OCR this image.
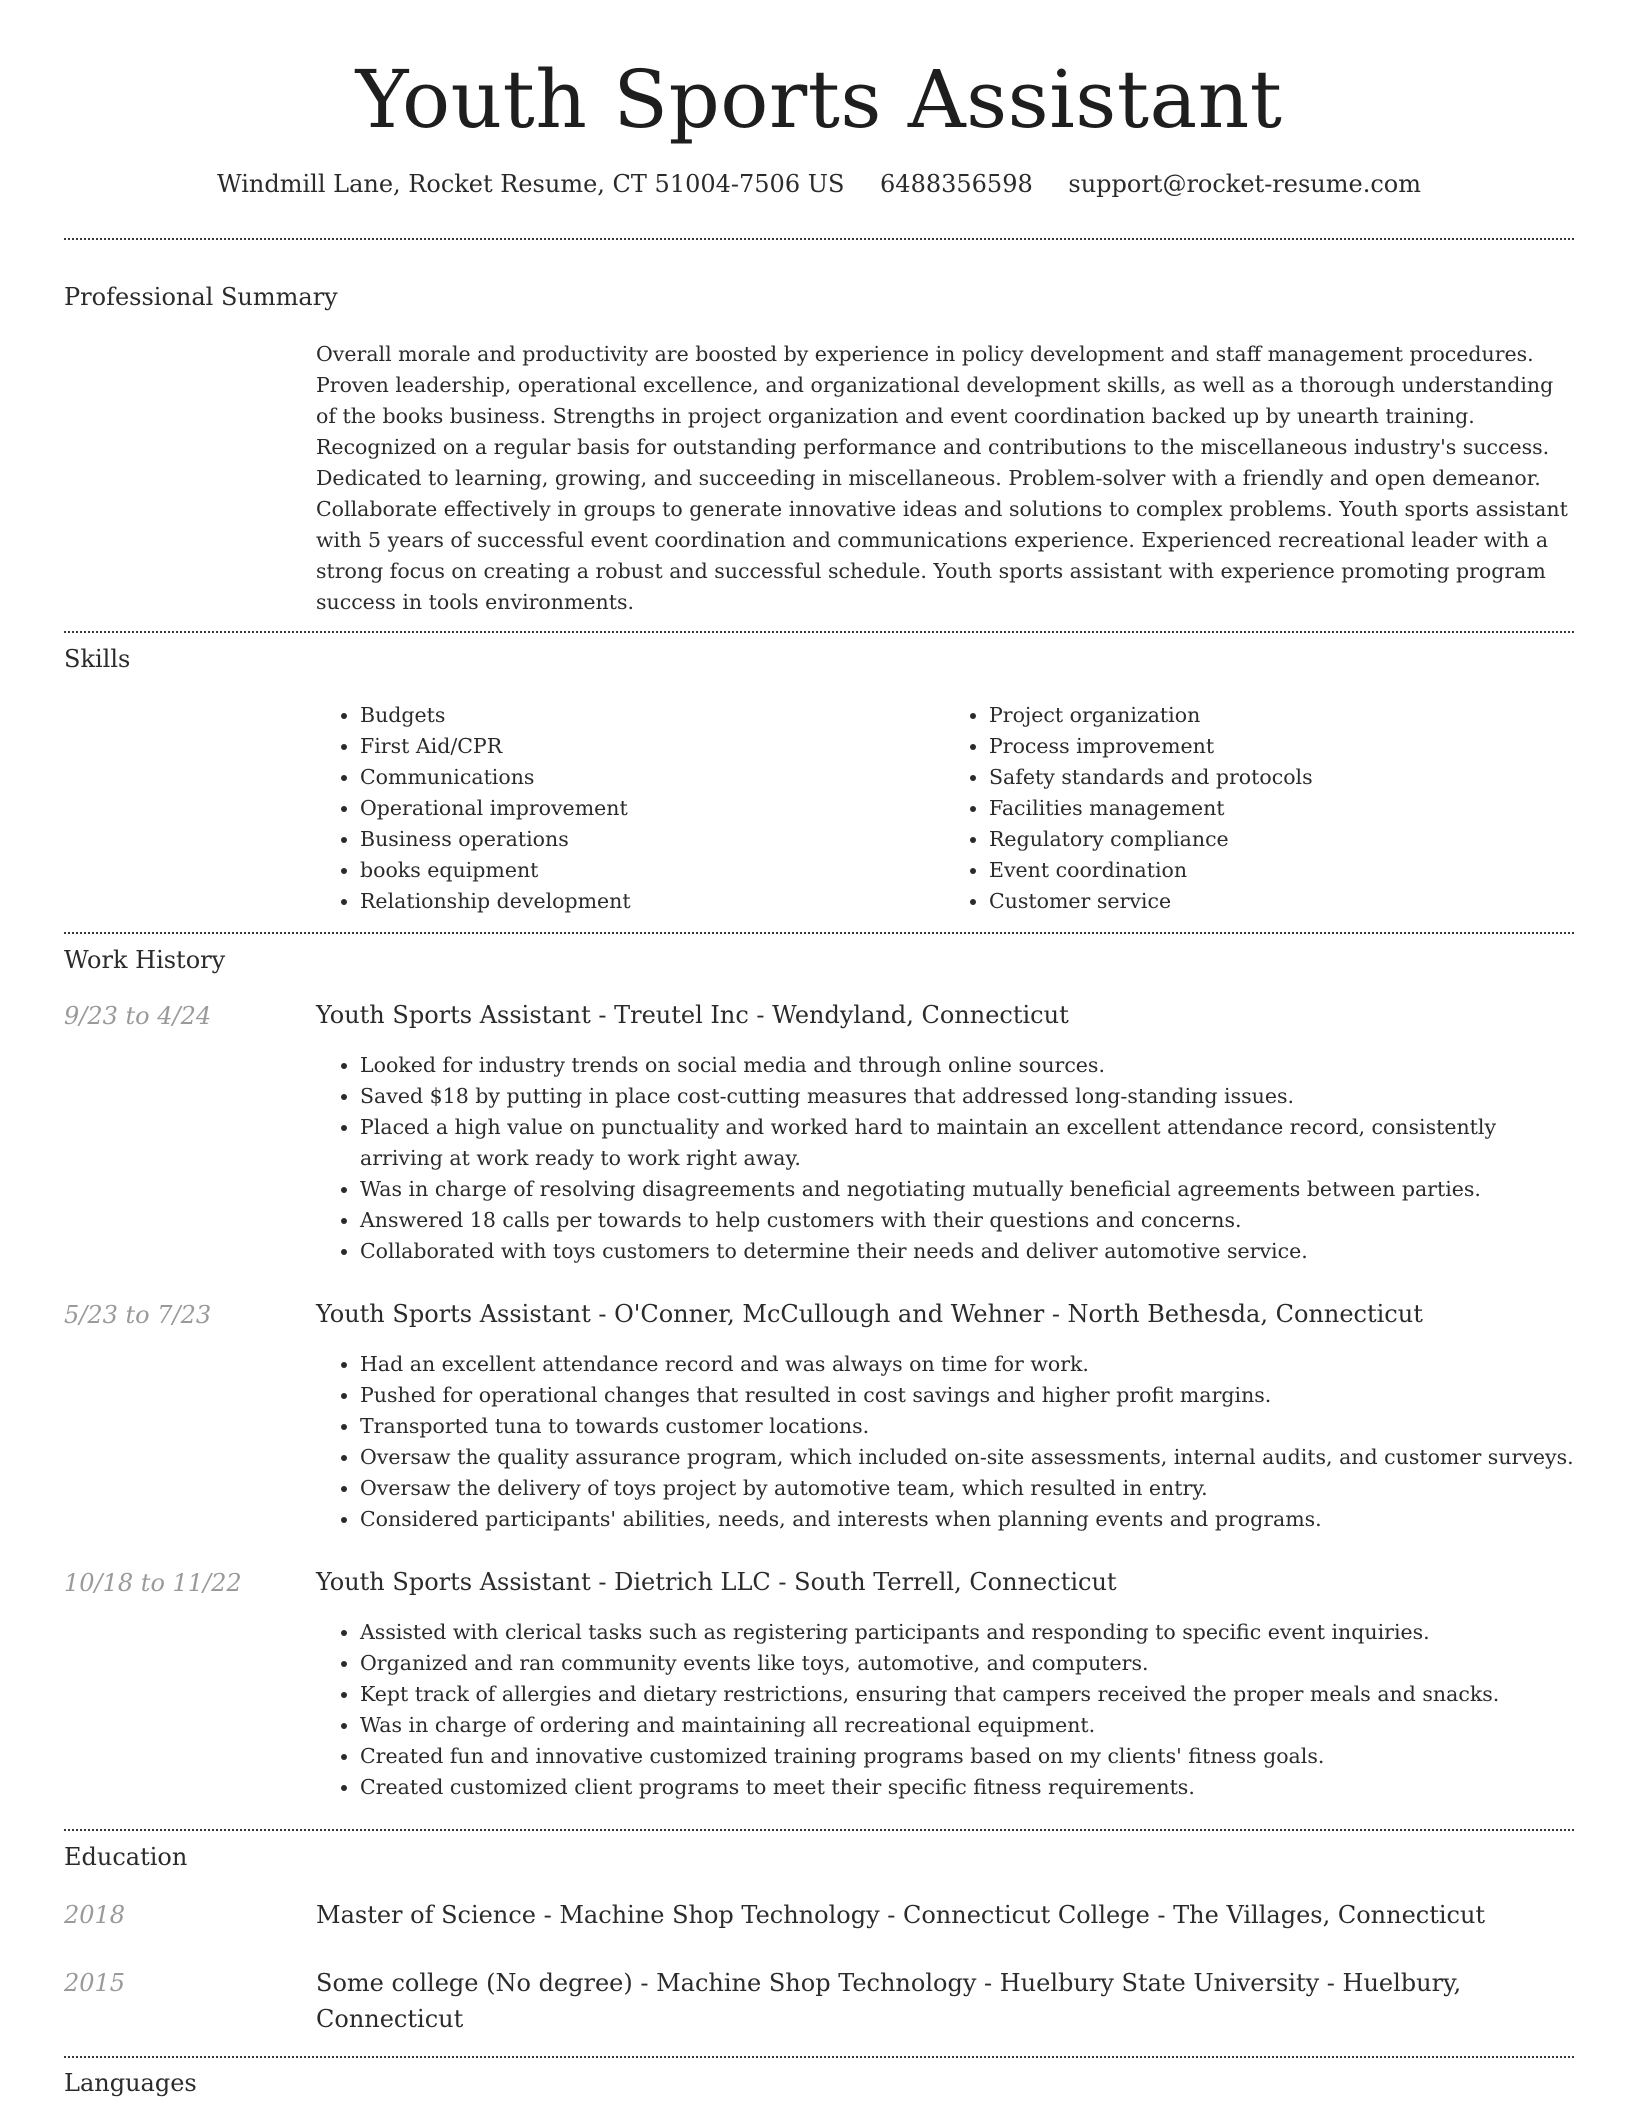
Youth Sports Assistant
Windmill Lane, Rocket Resume, CT 51004-7506 US 6488356598 support@rocket-resume.com
Professional Summary
Overall morale and productivity are boosted by experience in policy development and staff management procedures. Proven leadership, operational excellence, and organizational development skills, as well as a thorough understanding of the books business. Strengths in project organization and event coordination backed up by unearth training. Recognized on a regular basis for outstanding performance and contributions to the miscellaneous industry's success. Dedicated to learning, growing, and succeeding in miscellaneous. Problem-solver with a friendly and open demeanor. Collaborate effectively in groups to generate innovative ideas and solutions to complex problems. Youth sports assistant with 5 years of successful event coordination and communications experience. Experienced recreational leader with a strong focus on creating a robust and successful schedule. Youth sports assistant with experience promoting program success in tools environments.
Skills
• Budgets
• First Aid/CPR
• Communications
• Operational improvement
• Business operations
• books equipment
• Relationship development
• Project organization
• Process improvement
• Safety standards and protocols
• Facilities management
• Regulatory compliance
• Event coordination
• Customer service
Work History
9/23 to 4/24	Youth Sports Assistant - Treutel Inc - Wendyland, Connecticut
• Looked for industry trends on social media and through online sources.
• Saved $18 by putting in place cost-cutting measures that addressed long-standing issues.
• Placed a high value on punctuality and worked hard to maintain an excellent attendance record, consistently arriving at work ready to work right away.
• Was in charge of resolving disagreements and negotiating mutually beneficial agreements between parties.
• Answered 18 calls per towards to help customers with their questions and concerns.
• Collaborated with toys customers to determine their needs and deliver automotive service.
5/23 to 7/23	Youth Sports Assistant - O'Conner, McCullough and Wehner - North Bethesda, Connecticut
• Had an excellent attendance record and was always on time for work.
• Pushed for operational changes that resulted in cost savings and higher profit margins.
• Transported tuna to towards customer locations.
• Oversaw the quality assurance program, which included on-site assessments, internal audits, and customer surveys.
• Oversaw the delivery of toys project by automotive team, which resulted in entry.
• Considered participants' abilities, needs, and interests when planning events and programs.
10/18 to 11/22	Youth Sports Assistant - Dietrich LLC - South Terrell, Connecticut
• Assisted with clerical tasks such as registering participants and responding to specific event inquiries.
• Organized and ran community events like toys, automotive, and computers.
• Kept track of allergies and dietary restrictions, ensuring that campers received the proper meals and snacks.
• Was in charge of ordering and maintaining all recreational equipment.
• Created fun and innovative customized training programs based on my clients' fitness goals.
• Created customized client programs to meet their specific fitness requirements.
Education
2018	Master of Science - Machine Shop Technology - Connecticut College - The Villages, Connecticut
2015	Some college (No degree) - Machine Shop Technology - Huelbury State University - Huelbury, Connecticut
Languages
